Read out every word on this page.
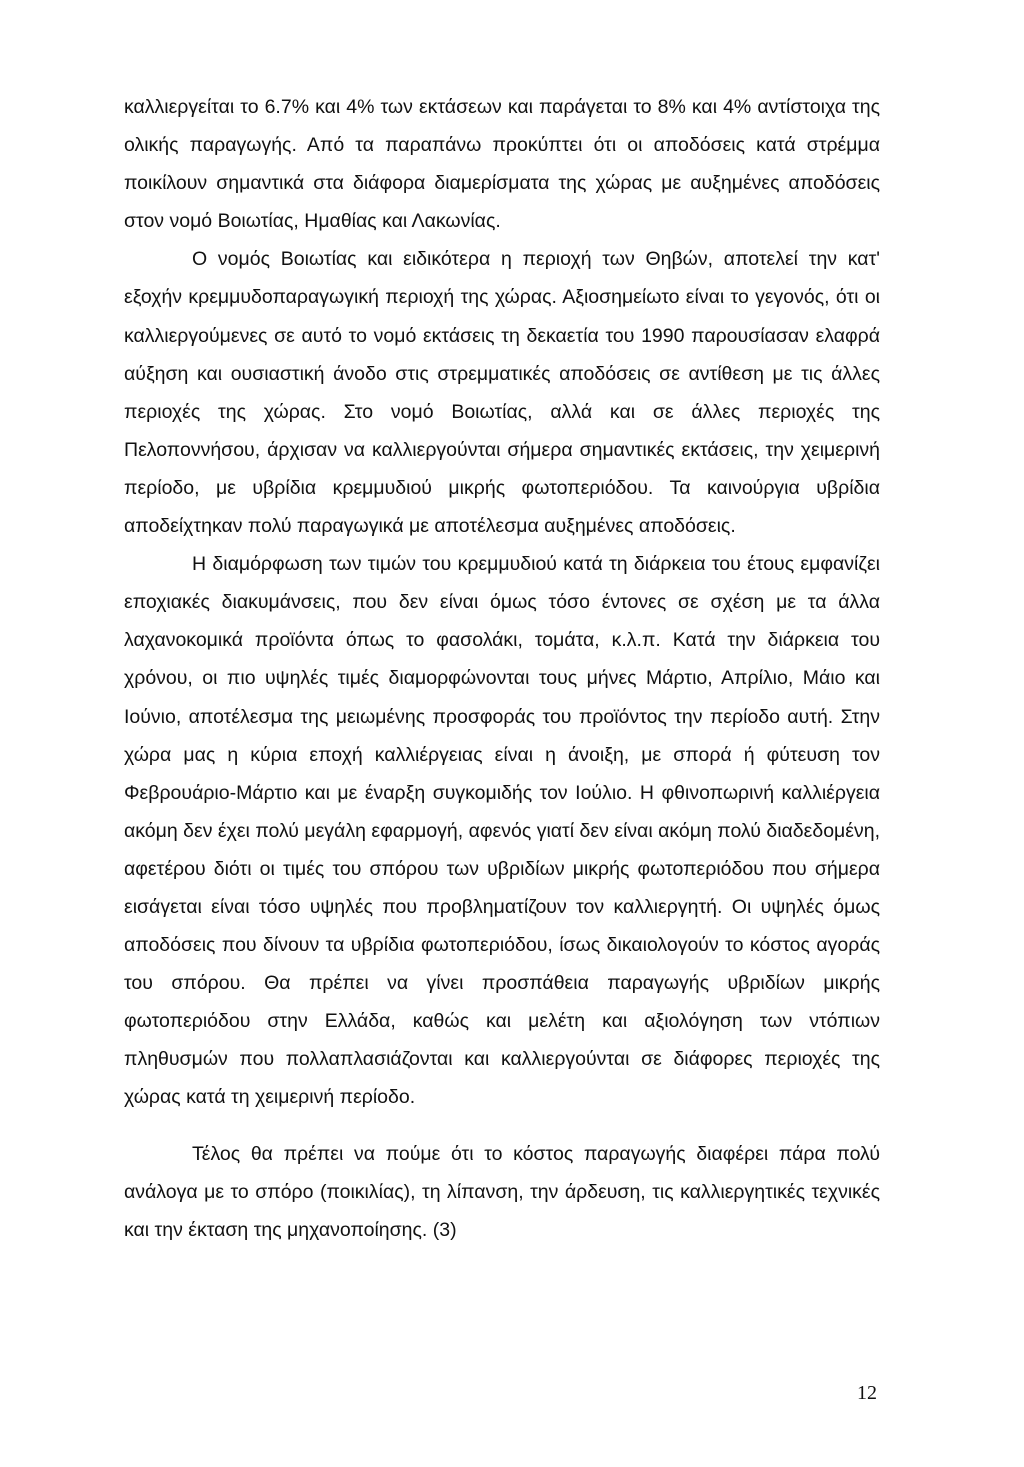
καλλιεργείται το 6.7% και 4% των εκτάσεων και παράγεται το 8% και 4% αντίστοιχα της ολικής παραγωγής. Από τα παραπάνω προκύπτει ότι οι αποδόσεις κατά στρέμμα ποικίλουν σημαντικά στα διάφορα διαμερίσματα της χώρας με αυξημένες αποδόσεις στον νομό Βοιωτίας, Ημαθίας και Λακωνίας.

Ο νομός Βοιωτίας και ειδικότερα η περιοχή των Θηβών, αποτελεί την κατ' εξοχήν κρεμμυδοπαραγωγική περιοχή της χώρας. Αξιοσημείωτο είναι το γεγονός, ότι οι καλλιεργούμενες σε αυτό το νομό εκτάσεις τη δεκαετία του 1990 παρουσίασαν ελαφρά αύξηση και ουσιαστική άνοδο στις στρεμματικές αποδόσεις σε αντίθεση με τις άλλες περιοχές της χώρας. Στο νομό Βοιωτίας, αλλά και σε άλλες περιοχές της Πελοποννήσου, άρχισαν να καλλιεργούνται σήμερα σημαντικές εκτάσεις, την χειμερινή περίοδο, με υβρίδια κρεμμυδιού μικρής φωτοπεριόδου. Τα καινούργια υβρίδια αποδείχτηκαν πολύ παραγωγικά με αποτέλεσμα αυξημένες αποδόσεις.

Η διαμόρφωση των τιμών του κρεμμυδιού κατά τη διάρκεια του έτους εμφανίζει εποχιακές διακυμάνσεις, που δεν είναι όμως τόσο έντονες σε σχέση με τα άλλα λαχανοκομικά προϊόντα όπως το φασολάκι, τομάτα, κ.λ.π. Κατά την διάρκεια του χρόνου, οι πιο υψηλές τιμές διαμορφώνονται τους μήνες Μάρτιο, Απρίλιο, Μάιο και Ιούνιο, αποτέλεσμα της μειωμένης προσφοράς του προϊόντος την περίοδο αυτή. Στην χώρα μας η κύρια εποχή καλλιέργειας είναι η άνοιξη, με σπορά ή φύτευση τον Φεβρουάριο-Μάρτιο και με έναρξη συγκομιδής τον Ιούλιο. Η φθινοπωρινή καλλιέργεια ακόμη δεν έχει πολύ μεγάλη εφαρμογή, αφενός γιατί δεν είναι ακόμη πολύ διαδεδομένη, αφετέρου διότι οι τιμές του σπόρου των υβριδίων μικρής φωτοπεριόδου που σήμερα εισάγεται είναι τόσο υψηλές που προβληματίζουν τον καλλιεργητή. Οι υψηλές όμως αποδόσεις που δίνουν τα υβρίδια φωτοπεριόδου, ίσως δικαιολογούν το κόστος αγοράς του σπόρου. Θα πρέπει να γίνει προσπάθεια παραγωγής υβριδίων μικρής φωτοπεριόδου στην Ελλάδα, καθώς και μελέτη και αξιολόγηση των ντόπιων πληθυσμών που πολλαπλασιάζονται και καλλιεργούνται σε διάφορες περιοχές της χώρας κατά τη χειμερινή περίοδο.

Τέλος θα πρέπει να πούμε ότι το κόστος παραγωγής διαφέρει πάρα πολύ ανάλογα με το σπόρο (ποικιλίας), τη λίπανση, την άρδευση, τις καλλιεργητικές τεχνικές και την έκταση της μηχανοποίησης. (3)

12
